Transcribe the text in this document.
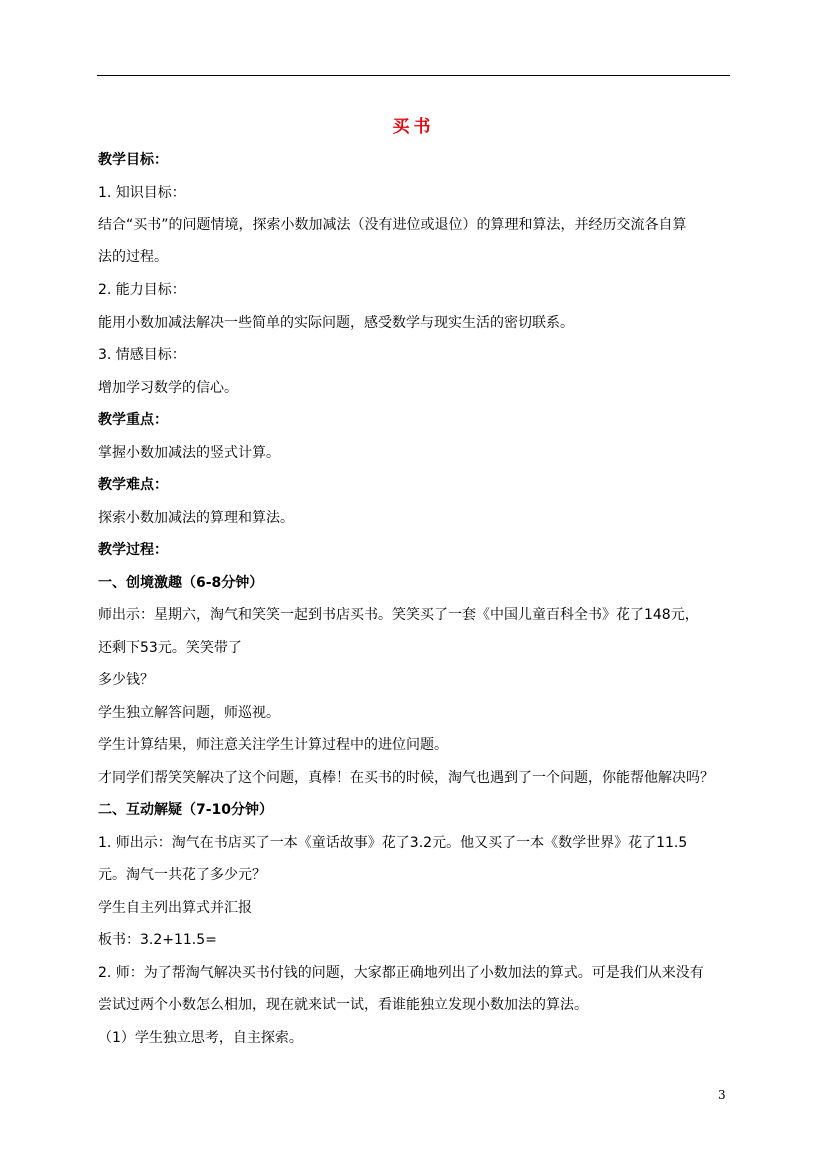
买书
教学目标：
1. 知识目标：
结合“买书”的问题情境，探索小数加减法（没有进位或退位）的算理和算法，并经历交流各自算
法的过程。
2. 能力目标：
能用小数加减法解决一些简单的实际问题，感受数学与现实生活的密切联系。
3. 情感目标：
增加学习数学的信心。
教学重点：
掌握小数加减法的竖式计算。
教学难点：
探索小数加减法的算理和算法。
教学过程：
一、创境激趣（6-8分钟）
师出示：星期六，淘气和笑笑一起到书店买书。笑笑买了一套《中国儿童百科全书》花了148元，
还剩下53元。笑笑带了
多少钱？
学生独立解答问题，师巡视。
学生计算结果，师注意关注学生计算过程中的进位问题。
才同学们帮笑笑解决了这个问题，真棒！在买书的时候，淘气也遇到了一个问题，你能帮他解决吗？
二、互动解疑（7-10分钟）
1. 师出示：淘气在书店买了一本《童话故事》花了3.2元。他又买了一本《数学世界》花了11.5
元。淘气一共花了多少元？
学生自主列出算式并汇报
板书：3.2+11.5=
2. 师：为了帮淘气解决买书付钱的问题，大家都正确地列出了小数加法的算式。可是我们从来没有
尝试过两个小数怎么相加，现在就来试一试，看谁能独立发现小数加法的算法。
（1）学生独立思考，自主探索。
3
